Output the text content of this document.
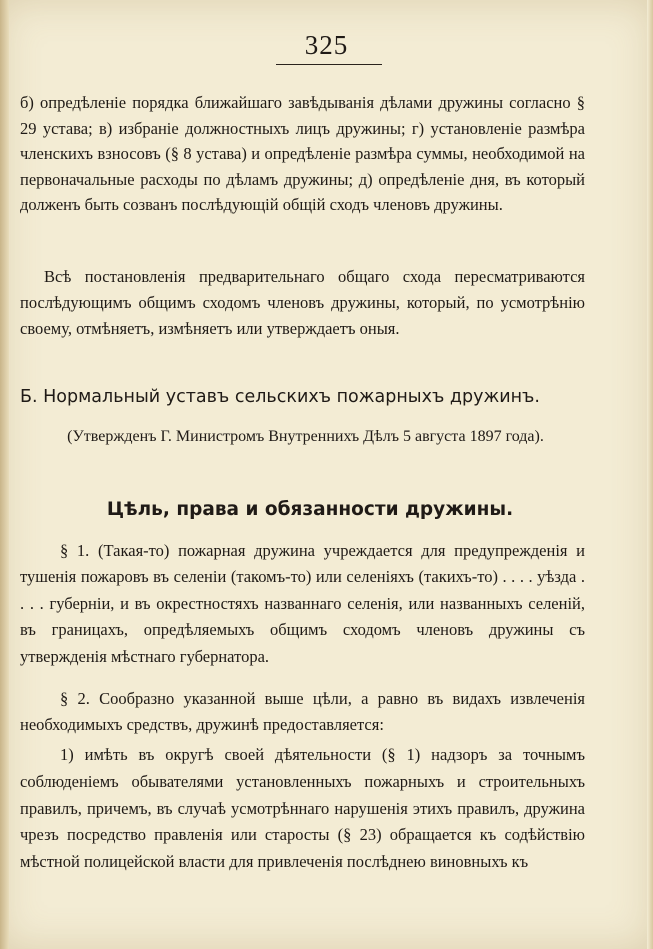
325

б) опредѣленіе порядка ближайшаго завѣдыванія дѣлами дружины согласно § 29 устава; в) избраніе должностныхъ лицъ дружины; г) установленіе размѣра членскихъ взносовъ (§ 8 устава) и опредѣленіе размѣра суммы, необходимой на первоначальные расходы по дѣламъ дружины; д) опредѣленіе дня, въ который долженъ быть созванъ послѣдующій общій сходъ членовъ дружины.

Всѣ постановленія предварительнаго общаго схода пересматриваются послѣдующимъ общимъ сходомъ членовъ дружины, который, по усмотрѣнію своему, отмѣняетъ, измѣняетъ или утверждаетъ оныя.

Б. Нормальный уставъ сельскихъ пожарныхъ дружинъ.
(Утвержденъ Г. Министромъ Внутреннихъ Дѣлъ 5 августа 1897 года).
Цѣль, права и обязанности дружины.

§ 1. (Такая-то) пожарная дружина учреждается для предупрежденія и тушенія пожаровъ въ селеніи (такомъ-то) или селеніяхъ (такихъ-то) . . . . уѣзда . . . . губерніи, и въ окрестностяхъ названнаго селенія, или названныхъ селеній, въ границахъ, опредѣляемыхъ общимъ сходомъ членовъ дружины съ утвержденія мѣстнаго губернатора.

§ 2. Сообразно указанной выше цѣли, а равно въ видахъ извлеченія необходимыхъ средствъ, дружинѣ предоставляется:

1) имѣть въ округѣ своей дѣятельности (§ 1) надзоръ за точнымъ соблюденіемъ обывателями установленныхъ пожарныхъ и строительныхъ правилъ, причемъ, въ случаѣ усмотрѣннаго нарушенія этихъ правилъ, дружина чрезъ посредство правленія или старосты (§ 23) обращается къ содѣйствію мѣстной полицейской власти для привлеченія послѣднею виновныхъ къ
